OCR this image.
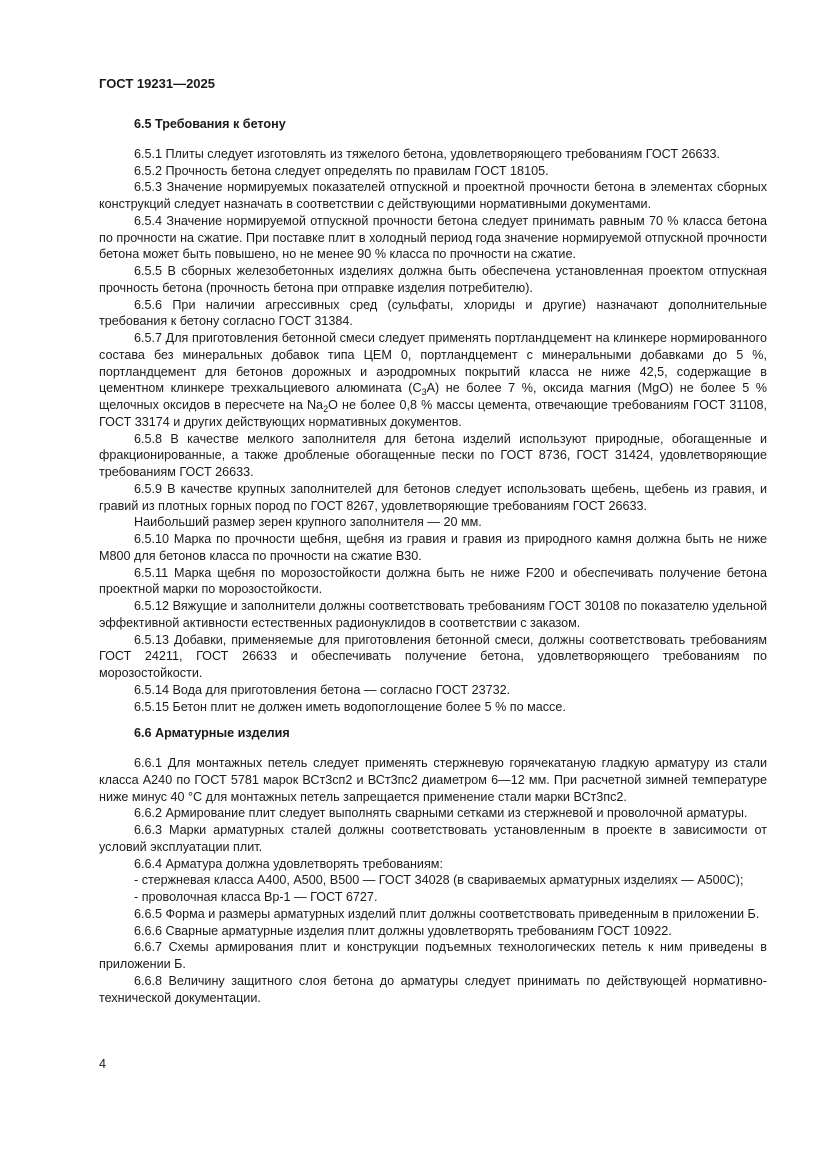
ГОСТ 19231—2025
6.5 Требования к бетону

6.5.1 Плиты следует изготовлять из тяжелого бетона, удовлетворяющего требованиям ГОСТ 26633.

6.5.2 Прочность бетона следует определять по правилам ГОСТ 18105.

6.5.3 Значение нормируемых показателей отпускной и проектной прочности бетона в элементах сборных конструкций следует назначать в соответствии с действующими нормативными документами.

6.5.4 Значение нормируемой отпускной прочности бетона следует принимать равным 70 % класса бетона по прочности на сжатие. При поставке плит в холодный период года значение нормируемой отпускной прочности бетона может быть повышено, но не менее 90 % класса по прочности на сжатие.

6.5.5 В сборных железобетонных изделиях должна быть обеспечена установленная проектом отпускная прочность бетона (прочность бетона при отправке изделия потребителю).

6.5.6 При наличии агрессивных сред (сульфаты, хлориды и другие) назначают дополнительные требования к бетону согласно ГОСТ 31384.

6.5.7 Для приготовления бетонной смеси следует применять портландцемент на клинкере нормированного состава без минеральных добавок типа ЦЕМ 0, портландцемент с минеральными добавками до 5 %, портландцемент для бетонов дорожных и аэродромных покрытий класса не ниже 42,5, содержащие в цементном клинкере трехкальциевого алюмината $(C_3A)$ не более 7 %, оксида магния (MgO) не более 5 % щелочных оксидов в пересчете на $Na_2O$ не более 0,8 % массы цемента, отвечающие требованиям ГОСТ 31108, ГОСТ 33174 и других действующих нормативных документов.

6.5.8 В качестве мелкого заполнителя для бетона изделий используют природные, обогащенные и фракционированные, а также дробленые обогащенные пески по ГОСТ 8736, ГОСТ 31424, удовлетворяющие требованиям ГОСТ 26633.

6.5.9 В качестве крупных заполнителей для бетонов следует использовать щебень, щебень из гравия, и гравий из плотных горных пород по ГОСТ 8267, удовлетворяющие требованиям ГОСТ 26633.

Наибольший размер зерен крупного заполнителя — 20 мм.

6.5.10 Марка по прочности щебня, щебня из гравия и гравия из природного камня должна быть не ниже М800 для бетонов класса по прочности на сжатие В30.

6.5.11 Марка щебня по морозостойкости должна быть не ниже F200 и обеспечивать получение бетона проектной марки по морозостойкости.

6.5.12 Вяжущие и заполнители должны соответствовать требованиям ГОСТ 30108 по показателю удельной эффективной активности естественных радионуклидов в соответствии с заказом.

6.5.13 Добавки, применяемые для приготовления бетонной смеси, должны соответствовать требованиям ГОСТ 24211, ГОСТ 26633 и обеспечивать получение бетона, удовлетворяющего требованиям по морозостойкости.

6.5.14 Вода для приготовления бетона — согласно ГОСТ 23732.

6.5.15 Бетон плит не должен иметь водопоглощение более 5 % по массе.

6.6 Арматурные изделия

6.6.1 Для монтажных петель следует применять стержневую горячекатаную гладкую арматуру из стали класса А240 по ГОСТ 5781 марок ВСт3сп2 и ВСт3пс2 диаметром 6—12 мм. При расчетной зимней температуре ниже минус 40 °С для монтажных петель запрещается применение стали марки ВСт3пс2.

6.6.2 Армирование плит следует выполнять сварными сетками из стержневой и проволочной арматуры.

6.6.3 Марки арматурных сталей должны соответствовать установленным в проекте в зависимости от условий эксплуатации плит.

6.6.4 Арматура должна удовлетворять требованиям:

- стержневая класса А400, А500, В500 — ГОСТ 34028 (в свариваемых арматурных изделиях — А500С);

- проволочная класса Вр-1 — ГОСТ 6727.

6.6.5 Форма и размеры арматурных изделий плит должны соответствовать приведенным в приложении Б.

6.6.6 Сварные арматурные изделия плит должны удовлетворять требованиям ГОСТ 10922.

6.6.7 Схемы армирования плит и конструкции подъемных технологических петель к ним приведены в приложении Б.

6.6.8 Величину защитного слоя бетона до арматуры следует принимать по действующей нормативно-технической документации.

4
